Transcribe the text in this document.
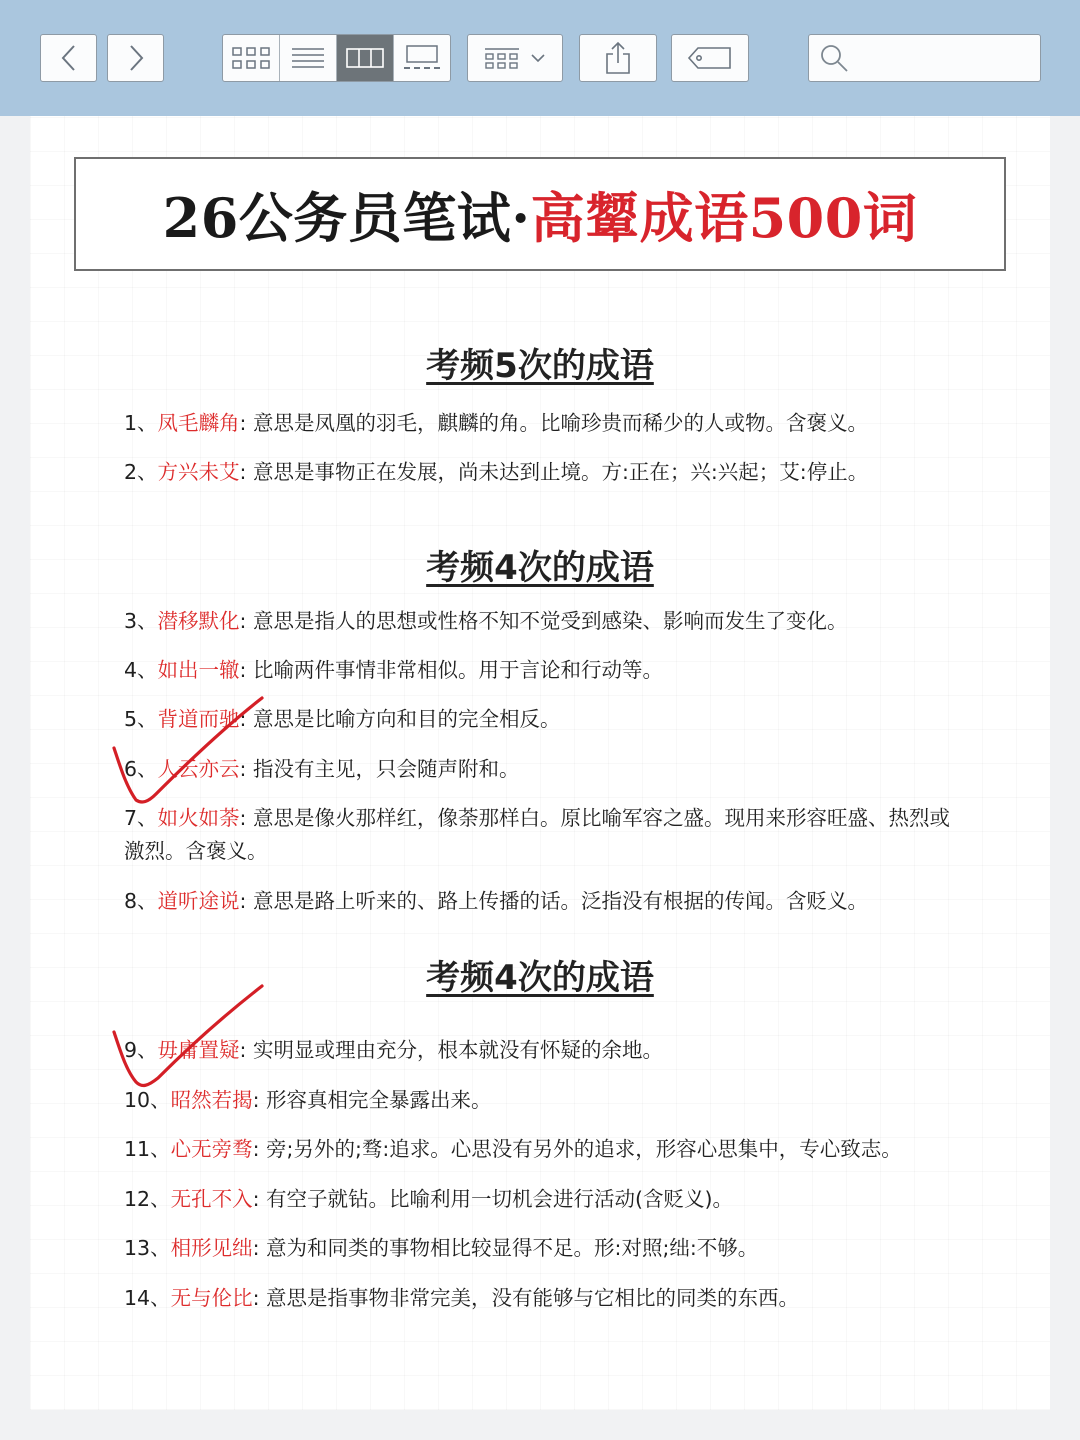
26公务员笔试·高颦成语500词
考频5次的成语
1、凤毛麟角: 意思是凤凰的羽毛，麒麟的角。比喻珍贵而稀少的人或物。含褒义。
2、方兴未艾: 意思是事物正在发展，尚未达到止境。方:正在；兴:兴起；艾:停止。
考频4次的成语
3、潜移默化: 意思是指人的思想或性格不知不觉受到感染、影响而发生了变化。
4、如出一辙: 比喻两件事情非常相似。用于言论和行动等。
5、背道而驰: 意思是比喻方向和目的完全相反。
6、人云亦云: 指没有主见，只会随声附和。
7、如火如荼: 意思是像火那样红，像荼那样白。原比喻军容之盛。现用来形容旺盛、热烈或激烈。含褒义。
8、道听途说: 意思是路上听来的、路上传播的话。泛指没有根据的传闻。含贬义。
考频4次的成语
9、毋庸置疑: 实明显或理由充分，根本就没有怀疑的余地。
10、昭然若揭: 形容真相完全暴露出来。
11、心无旁骛: 旁;另外的;骛:追求。心思没有另外的追求，形容心思集中，专心致志。
12、无孔不入: 有空子就钻。比喻利用一切机会进行活动(含贬义)。
13、相形见绌: 意为和同类的事物相比较显得不足。形:对照;绌:不够。
14、无与伦比: 意思是指事物非常完美，没有能够与它相比的同类的东西。
